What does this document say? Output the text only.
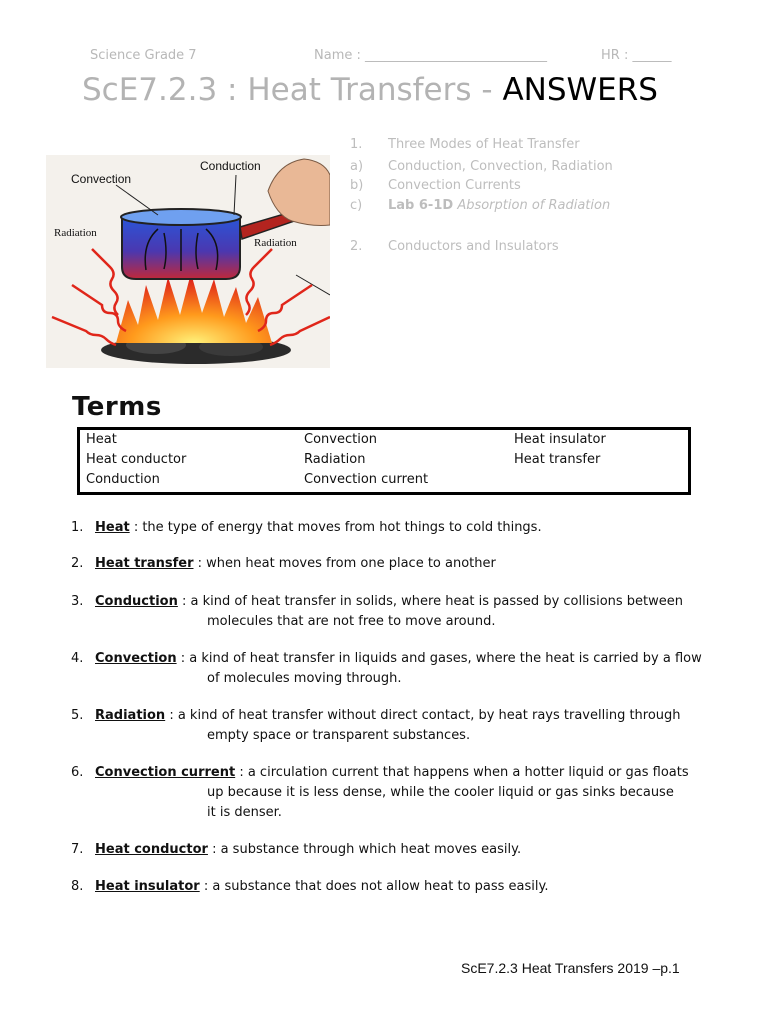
Science Grade 7	Name : ____________________________	HR : ______
ScE7.2.3 : Heat Transfers - ANSWERS
Convection
Conduction
Radiation
Radiation
1. Three Modes of Heat Transfer
a) Conduction, Convection, Radiation
b) Convection Currents
c) Lab 6-1D Absorption of Radiation
2. Conductors and Insulators
Terms
Heat
Heat conductor
Conduction
Convection
Radiation
Convection current
Heat insulator
Heat transfer
1. Heat : the type of energy that moves from hot things to cold things.
2. Heat transfer : when heat moves from one place to another
3. Conduction : a kind of heat transfer in solids, where heat is passed by collisions between
molecules that are not free to move around.
4. Convection : a kind of heat transfer in liquids and gases, where the heat is carried by a flow
of molecules moving through.
5. Radiation : a kind of heat transfer without direct contact, by heat rays travelling through
empty space or transparent substances.
6. Convection current : a circulation current that happens when a hotter liquid or gas floats
up because it is less dense, while the cooler liquid or gas sinks because
it is denser.
7. Heat conductor : a substance through which heat moves easily.
8. Heat insulator : a substance that does not allow heat to pass easily.
ScE7.2.3 Heat Transfers 2019 –p.1
